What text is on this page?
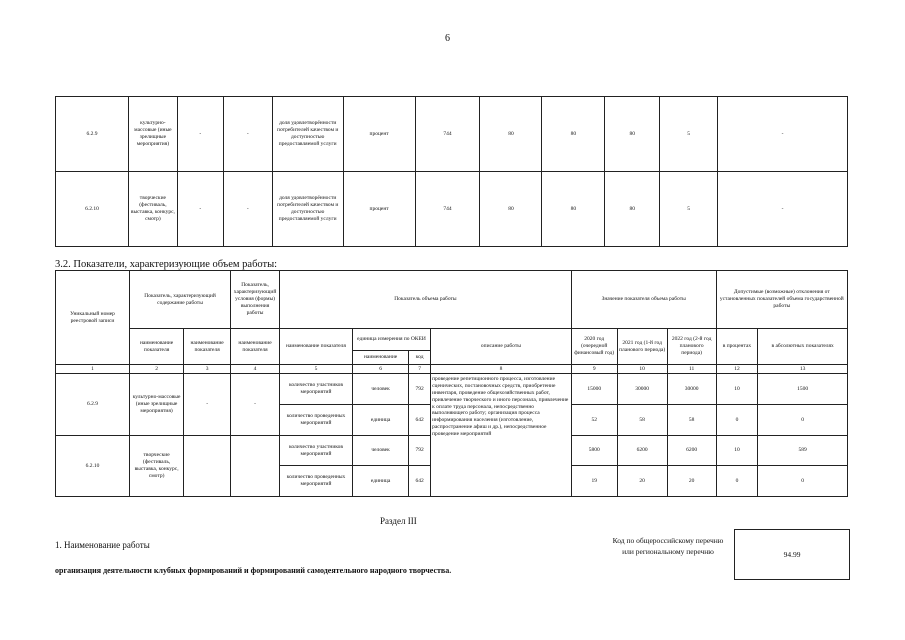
6
6.2.9	культурно-массовые (иные зрелищные мероприятия)	-	-	доля удовлетворённости потребителей качеством и доступностью предоставляемой услуги	процент	744	80	80	80	5	-
6.2.10	творческие (фестиваль, выставка, конкурс, смотр)	-	-	доля удовлетворённости потребителей качеством и доступностью предоставляемой услуги	процент	744	80	80	80	5	-
3.2. Показатели, характеризующие объем работы:
Уникальный номер реестровой записи	Показатель, характеризующий содержание работы		Показатель, характеризующий условия (формы) выполнения работы	Показатель объема работы				Значение показателя объема работы			Допустимые (возможные) отклонения от установленных показателей объема государственной работы	
	наименование показателя	наименование показателя	наименование показателя	наименование показателя	единица измерения по ОКЕИ		описание работы	2020 год (очередной финансовый год)	2021 год (1-й год планового периода)	2022 год (2-й год планового периода)	в процентах	в абсолютных показателях
					наименование	код						
1	2	3	4	5	6	7	8	9	10	11	12	13
6.2.9	культурно-массовые (иные зрелищные мероприятия)	-	-	количество участников мероприятий	человек	792	проведение репетиционного процесса, изготовление сценических, постановочных средств, приобретение инвентаря, проведение общехозяйственных работ, привлечение творческого и иного персонала, привлечение к оплате труда персонала, непосредственно выполняющего работу; организация процесса информирования населения (изготовление, распространение афиш и др.), непосредственное проведение мероприятий	15000	30000	30000	10	1500
				количество проведенных мероприятий	единица	642		52	58	58	0	0
6.2.10	творческие (фестиваль, выставка, конкурс, смотр)			количество участников мероприятий	человек	792		5800	6200	6200	10	589
				количество проведенных мероприятий	единица	642		19	20	20	0	0
Раздел III
1. Наименование работы
организация деятельности клубных формирований и формирований самодеятельного народного творчества.
Код по общероссийскому перечню или региональному перечню	94.99
